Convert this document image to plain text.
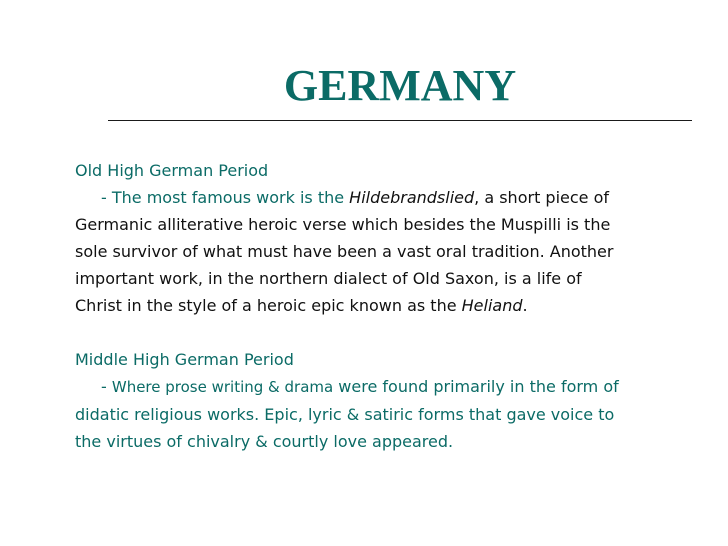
GERMANY
Old High German Period
- The most famous work is the Hildebrandslied, a short piece of
Germanic alliterative heroic verse which besides the Muspilli is the
sole survivor of what must have been a vast oral tradition. Another
important work, in the northern dialect of Old Saxon, is a life of
Christ in the style of a heroic epic known as the Heliand.
Middle High German Period
- Where prose writing & drama were found primarily in the form of
didatic religious works. Epic, lyric & satiric forms that gave voice to
the virtues of chivalry & courtly love appeared.
